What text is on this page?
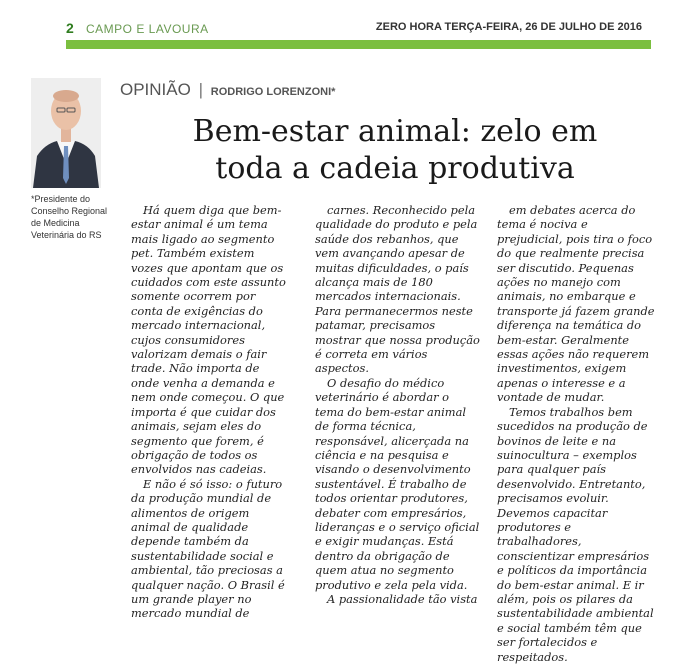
2 CAMPO E LAVOURA	ZERO HORA TERÇA-FEIRA, 26 DE JULHO DE 2016
*Presidente do Conselho Regional de Medicina Veterinária do RS
OPINIÃO | RODRIGO LORENZONI*
Bem-estar animal: zelo em toda a cadeia produtiva

Há quem diga que bem-estar animal é um tema mais ligado ao segmento pet. Também existem vozes que apontam que os cuidados com este assunto somente ocorrem por conta de exigências do mercado internacional, cujos consumidores valorizam demais o fair trade. Não importa de onde venha a demanda e nem onde começou. O que importa é que cuidar dos animais, sejam eles do segmento que forem, é obrigação de todos os envolvidos nas cadeias.

E não é só isso: o futuro da produção mundial de alimentos de origem animal de qualidade depende também da sustentabilidade social e ambiental, tão preciosas a qualquer nação. O Brasil é um grande player no mercado mundial de

carnes. Reconhecido pela qualidade do produto e pela saúde dos rebanhos, que vem avançando apesar de muitas dificuldades, o país alcança mais de 180 mercados internacionais. Para permanecermos neste patamar, precisamos mostrar que nossa produção é correta em vários aspectos.

O desafio do médico veterinário é abordar o tema do bem-estar animal de forma técnica, responsável, alicerçada na ciência e na pesquisa e visando o desenvolvimento sustentável. É trabalho de todos orientar produtores, debater com empresários, lideranças e o serviço oficial e exigir mudanças. Está dentro da obrigação de quem atua no segmento produtivo e zela pela vida.

A passionalidade tão vista

em debates acerca do tema é nociva e prejudicial, pois tira o foco do que realmente precisa ser discutido. Pequenas ações no manejo com animais, no embarque e transporte já fazem grande diferença na temática do bem-estar. Geralmente essas ações não requerem investimentos, exigem apenas o interesse e a vontade de mudar.

Temos trabalhos bem sucedidos na produção de bovinos de leite e na suinocultura – exemplos para qualquer país desenvolvido. Entretanto, precisamos evoluir. Devemos capacitar produtores e trabalhadores, conscientizar empresários e políticos da importância do bem-estar animal. E ir além, pois os pilares da sustentabilidade ambiental e social também têm que ser fortalecidos e respeitados.
